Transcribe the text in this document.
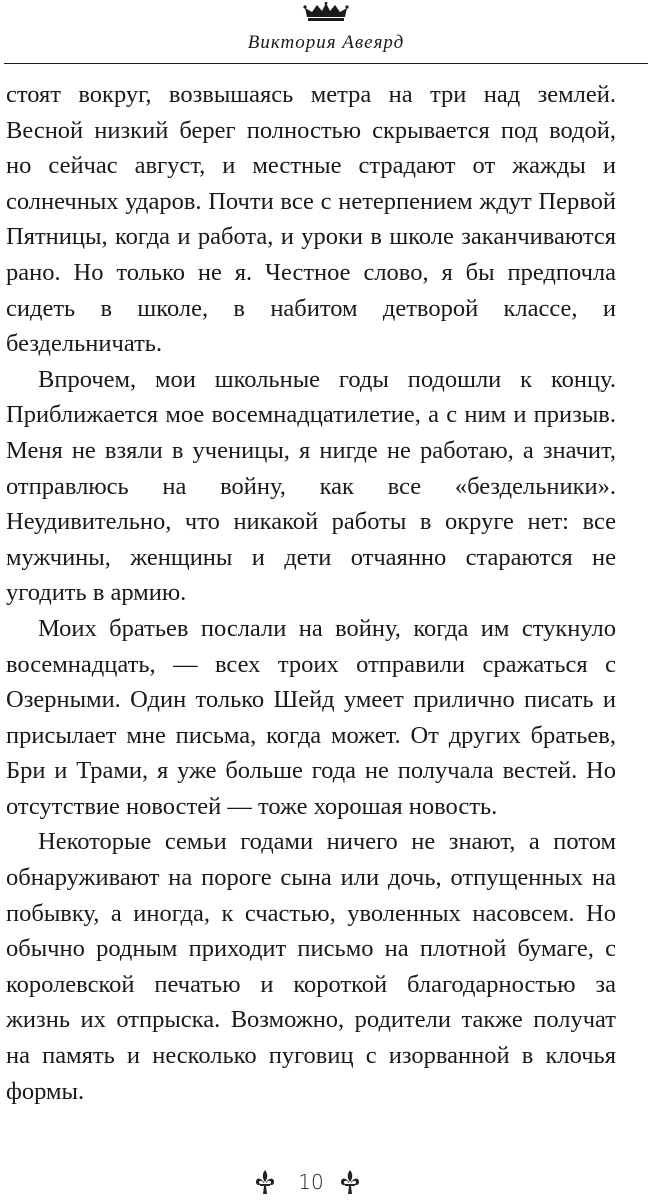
Виктория Авеярд

стоят вокруг, возвышаясь метра на три над землей. Весной низкий берег полностью скрывается под водой, но сейчас август, и местные страдают от жажды и солнечных ударов. Почти все с нетерпением ждут Первой Пятницы, когда и работа, и уроки в школе заканчиваются рано. Но только не я. Честное слово, я бы предпочла сидеть в школе, в набитом детворой классе, и бездельничать.

Впрочем, мои школьные годы подошли к концу. Приближается мое восемнадцатилетие, а с ним и призыв. Меня не взяли в ученицы, я нигде не работаю, а значит, отправлюсь на войну, как все «бездельники». Неудивительно, что никакой работы в округе нет: все мужчины, женщины и дети отчаянно стараются не угодить в армию.

Моих братьев послали на войну, когда им стукнуло восемнадцать, — всех троих отправили сражаться с Озерными. Один только Шейд умеет прилично писать и присылает мне письма, когда может. От других братьев, Бри и Трами, я уже больше года не получала вестей. Но отсутствие новостей — тоже хорошая новость.

Некоторые семьи годами ничего не знают, а потом обнаруживают на пороге сына или дочь, отпущенных на побывку, а иногда, к счастью, уволенных насовсем. Но обычно родным приходит письмо на плотной бумаге, с королевской печатью и короткой благодарностью за жизнь их отпрыска. Возможно, родители также получат на память и несколько пуговиц с изорванной в клочья формы.

10
